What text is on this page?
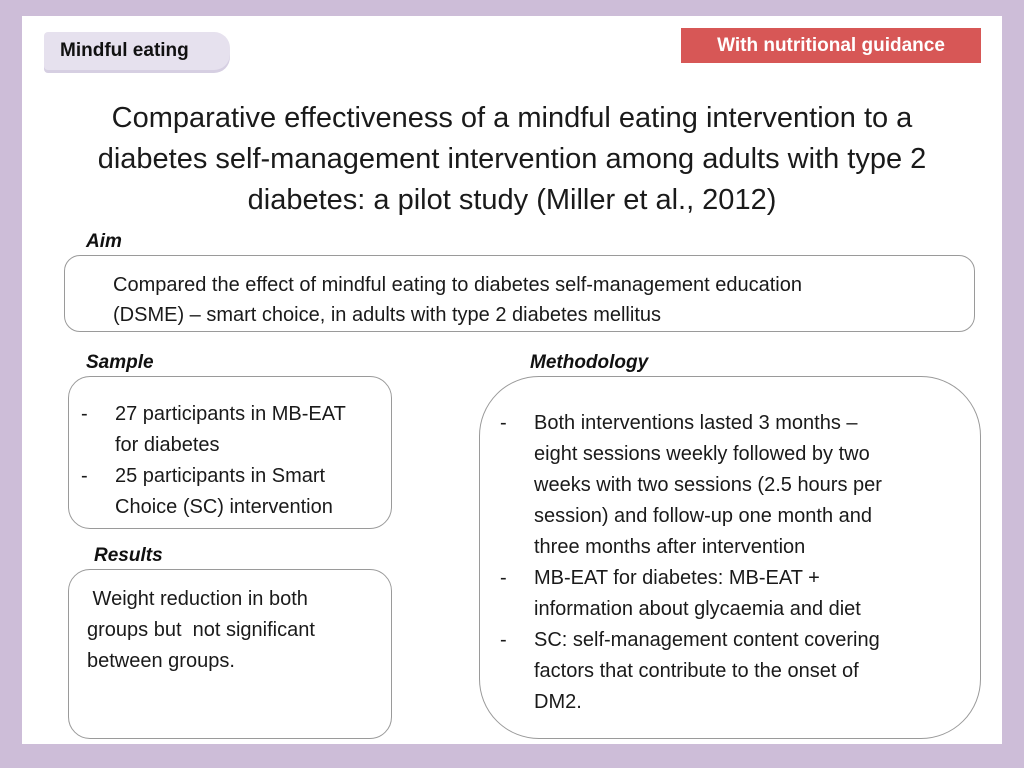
Mindful eating	With nutritional guidance
Comparative effectiveness of a mindful eating intervention to a
diabetes self-management intervention among adults with type 2
diabetes: a pilot study (Miller et al., 2012)
Aim
Compared the effect of mindful eating to diabetes self-management education
(DSME) – smart choice, in adults with type 2 diabetes mellitus
Sample
- 27 participants in MB-EAT
for diabetes
- 25 participants in Smart
Choice (SC) intervention
Results
Weight reduction in both
groups but  not significant
between groups.
Methodology
- Both interventions lasted 3 months –
eight sessions weekly followed by two
weeks with two sessions (2.5 hours per
session) and follow-up one month and
three months after intervention
- MB-EAT for diabetes: MB-EAT +
information about glycaemia and diet
- SC: self-management content covering
factors that contribute to the onset of
DM2.
